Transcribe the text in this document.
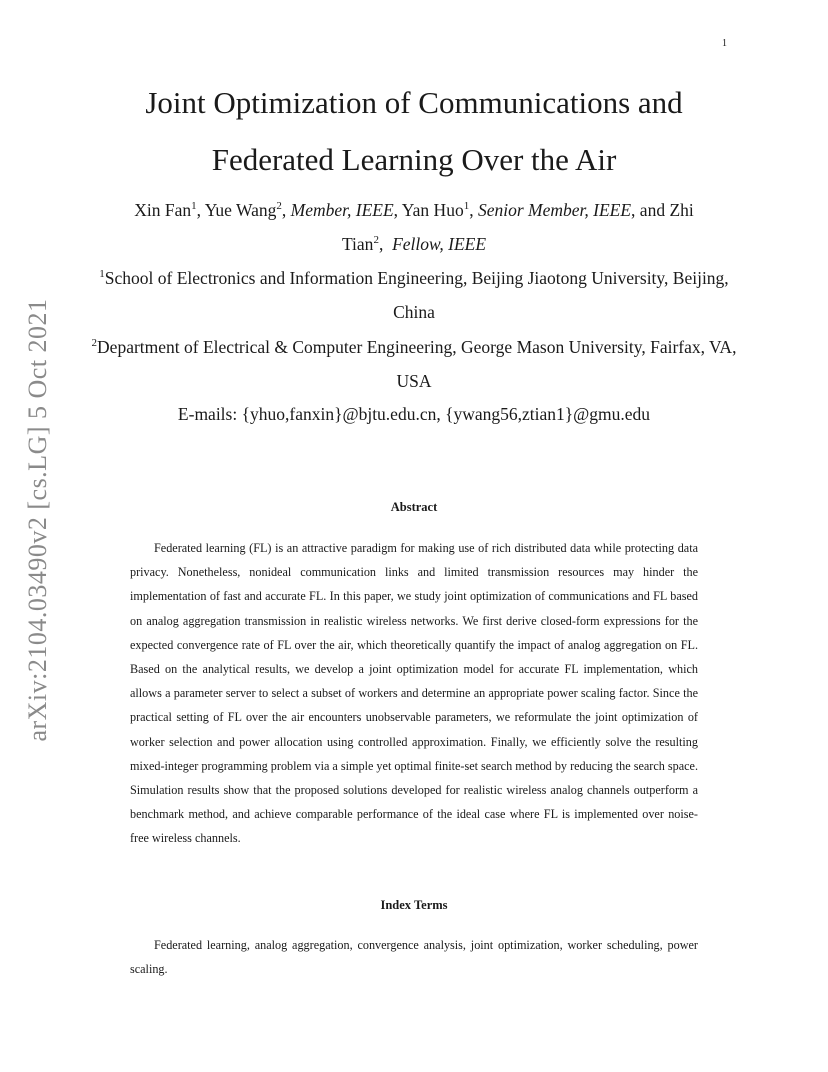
1
arXiv:2104.03490v2 [cs.LG] 5 Oct 2021
Joint Optimization of Communications and
Federated Learning Over the Air
Xin Fan$^1$, Yue Wang$^2$, Member, IEEE, Yan Huo$^1$, Senior Member, IEEE, and Zhi
Tian$^2$, Fellow, IEEE
$^1$School of Electronics and Information Engineering, Beijing Jiaotong University, Beijing, China
$^2$Department of Electrical & Computer Engineering, George Mason University, Fairfax, VA, USA
E-mails: {yhuo,fanxin}@bjtu.edu.cn, {ywang56,ztian1}@gmu.edu
Abstract

Federated learning (FL) is an attractive paradigm for making use of rich distributed data while protecting data privacy. Nonetheless, nonideal communication links and limited transmission resources may hinder the implementation of fast and accurate FL. In this paper, we study joint optimization of communications and FL based on analog aggregation transmission in realistic wireless networks. We first derive closed-form expressions for the expected convergence rate of FL over the air, which theoretically quantify the impact of analog aggregation on FL. Based on the analytical results, we develop a joint optimization model for accurate FL implementation, which allows a parameter server to select a subset of workers and determine an appropriate power scaling factor. Since the practical setting of FL over the air encounters unobservable parameters, we reformulate the joint optimization of worker selection and power allocation using controlled approximation. Finally, we efficiently solve the resulting mixed-integer programming problem via a simple yet optimal finite-set search method by reducing the search space. Simulation results show that the proposed solutions developed for realistic wireless analog channels outperform a benchmark method, and achieve comparable performance of the ideal case where FL is implemented over noise-free wireless channels.

Index Terms

Federated learning, analog aggregation, convergence analysis, joint optimization, worker scheduling, power scaling.
